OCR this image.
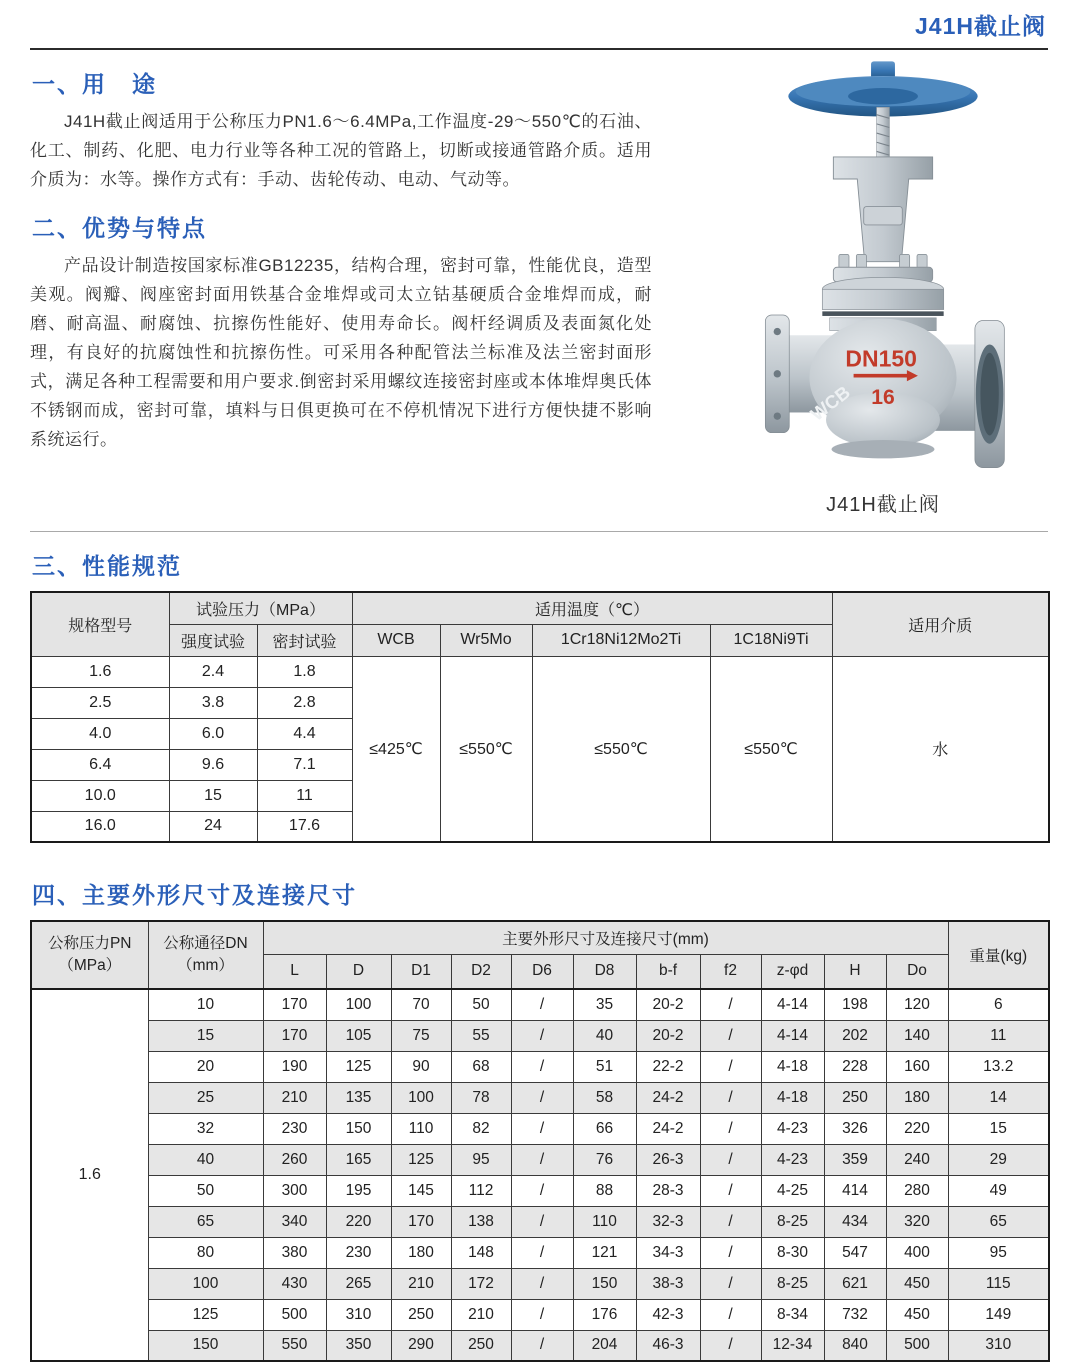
J41H截止阀
一、用　途

J41H截止阀适用于公称压力PN1.6～6.4MPa,工作温度-29～550℃的石油、化工、制药、化肥、电力行业等各种工况的管路上，切断或接通管路介质。适用介质为：水等。操作方式有：手动、齿轮传动、电动、气动等。

二、优势与特点

产品设计制造按国家标准GB12235，结构合理，密封可靠，性能优良，造型美观。阀瓣、阀座密封面用铁基合金堆焊或司太立钴基硬质合金堆焊而成，耐磨、耐高温、耐腐蚀、抗擦伤性能好、使用寿命长。阀杆经调质及表面氮化处理，有良好的抗腐蚀性和抗擦伤性。可采用各种配管法兰标准及法兰密封面形式，满足各种工程需要和用户要求.倒密封采用螺纹连接密封座或本体堆焊奥氏体不锈钢而成，密封可靠，填料与日俱更换可在不停机情况下进行方便快捷不影响系统运行。

DN150
16
WCB
J41H截止阀
三、性能规范
规格型号	试验压力（MPa）		适用温度（℃）				适用介质
	强度试验	密封试验	WCB	Wr5Mo	1Cr18Ni12Mo2Ti	1C18Ni9Ti	
1.6	2.4	1.8	≤425℃	≤550℃	≤550℃	≤550℃	水
2.5	3.8	2.8					
4.0	6.0	4.4					
6.4	9.6	7.1					
10.0	15	11					
16.0	24	17.6					
四、主要外形尺寸及连接尺寸
公称压力PN
（MPa）	公称通径DN
（mm）	主要外形尺寸及连接尺寸(mm)											重量(kg)
		L	D	D1	D2	D6	D8	b-f	f2	z-φd	H	Do	
1.6	10	170	100	70	50	/	35	20-2	/	4-14	198	120	6
	15	170	105	75	55	/	40	20-2	/	4-14	202	140	11
	20	190	125	90	68	/	51	22-2	/	4-18	228	160	13.2
	25	210	135	100	78	/	58	24-2	/	4-18	250	180	14
	32	230	150	110	82	/	66	24-2	/	4-23	326	220	15
	40	260	165	125	95	/	76	26-3	/	4-23	359	240	29
	50	300	195	145	112	/	88	28-3	/	4-25	414	280	49
	65	340	220	170	138	/	110	32-3	/	8-25	434	320	65
	80	380	230	180	148	/	121	34-3	/	8-30	547	400	95
	100	430	265	210	172	/	150	38-3	/	8-25	621	450	115
	125	500	310	250	210	/	176	42-3	/	8-34	732	450	149
	150	550	350	290	250	/	204	46-3	/	12-34	840	500	310
